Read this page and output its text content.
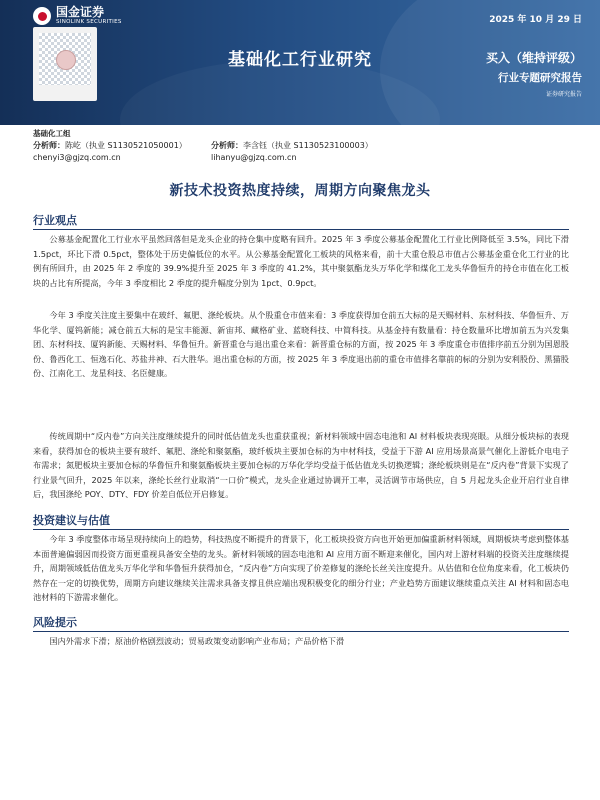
国金证券
SINOLINK SECURITIES	2025 年 10 月 29 日
基础化工行业研究	买入（维持评级）
行业专题研究报告
证券研究报告
基础化工组
分析师：陈屹（执业 S1130521050001）	分析师：李含钰（执业 S1130523100003）
chenyi3@gjzq.com.cn	lihanyu@gjzq.com.cn
新技术投资热度持续，周期方向聚焦龙头
行业观点

公募基金配置化工行业水平虽然回落但是龙头企业的持仓集中度略有回升。2025 年 3 季度公募基金配置化工行业比例降低至 3.5%，同比下滑 1.5pct，环比下滑 0.5pct，整体处于历史偏低位的水平。从公募基金配置化工板块的风格来看，前十大重仓股总市值占公募基金重仓化工行业的比例有所回升，由 2025 年 2 季度的 39.9%提升至 2025 年 3 季度的 41.2%，其中聚氨酯龙头万华化学和煤化工龙头华鲁恒升的持仓市值在化工板块的占比有所提高，今年 3 季度相比 2 季度的提升幅度分别为 1pct、0.9pct。

今年 3 季度关注度主要集中在玻纤、氟肥、涤纶板块。从个股重仓市值来看：3 季度获得加仓前五大标的是天赐材料、东材科技、华鲁恒升、万华化学、厦钨新能；减仓前五大标的是宝丰能源、新宙邦、藏格矿业、蓝晓科技、中简科技。从基金持有数量看：持仓数量环比增加前五为兴发集团、东材科技、厦钨新能、天赐材料、华鲁恒升。新晋重仓与退出重仓来看：新晋重仓标的方面，按 2025 年 3 季度重仓市值排序前五分别为国恩股份、鲁西化工、恒逸石化、苏盐井神、石大胜华。退出重仓标的方面，按 2025 年 3 季度退出前的重仓市值排名靠前的标的分别为安利股份、黑猫股份、江南化工、龙星科技、名臣健康。

传统周期中“反内卷”方向关注度继续提升的同时低估值龙头也重获重视；新材料领域中固态电池和 AI 材料板块表现亮眼。从细分板块标的表现来看，获得加仓的板块主要有玻纤、氟肥、涤纶和聚氨酯，玻纤板块主要加仓标的为中材科技，受益于下游 AI 应用场景高景气催化上游低介电电子布需求；氮肥板块主要加仓标的华鲁恒升和聚氨酯板块主要加仓标的万华化学均受益于低估值龙头切换逻辑；涤纶板块则是在“反内卷”背景下实现了行业景气回升，2025 年以来，涤纶长丝行业取消“一口价”模式，龙头企业通过协调开工率，灵活调节市场供应，自 5 月起龙头企业开启行业自律后，我国涤纶 POY、DTY、FDY 价差自低位开启修复。

投资建议与估值

今年 3 季度整体市场呈现持续向上的趋势，科技热度不断提升的背景下，化工板块投资方向也开始更加偏重新材料领域，周期板块考虑到整体基本面普遍偏弱因而投资方面更重视具备安全垫的龙头。新材料领域的固态电池和 AI 应用方面不断迎来催化，国内对上游材料端的投资关注度继续提升，周期领域低估值龙头万华化学和华鲁恒升获得加仓，“反内卷”方向实现了价差修复的涤纶长丝关注度提升。从估值和仓位角度来看，化工板块仍然存在一定的切换优势，周期方向建议继续关注需求具备支撑且供应端出现积极变化的细分行业；产业趋势方面建议继续重点关注 AI 材料和固态电池材料的下游需求催化。

风险提示

国内外需求下滑；原油价格剧烈波动；贸易政策变动影响产业布局；产品价格下滑
